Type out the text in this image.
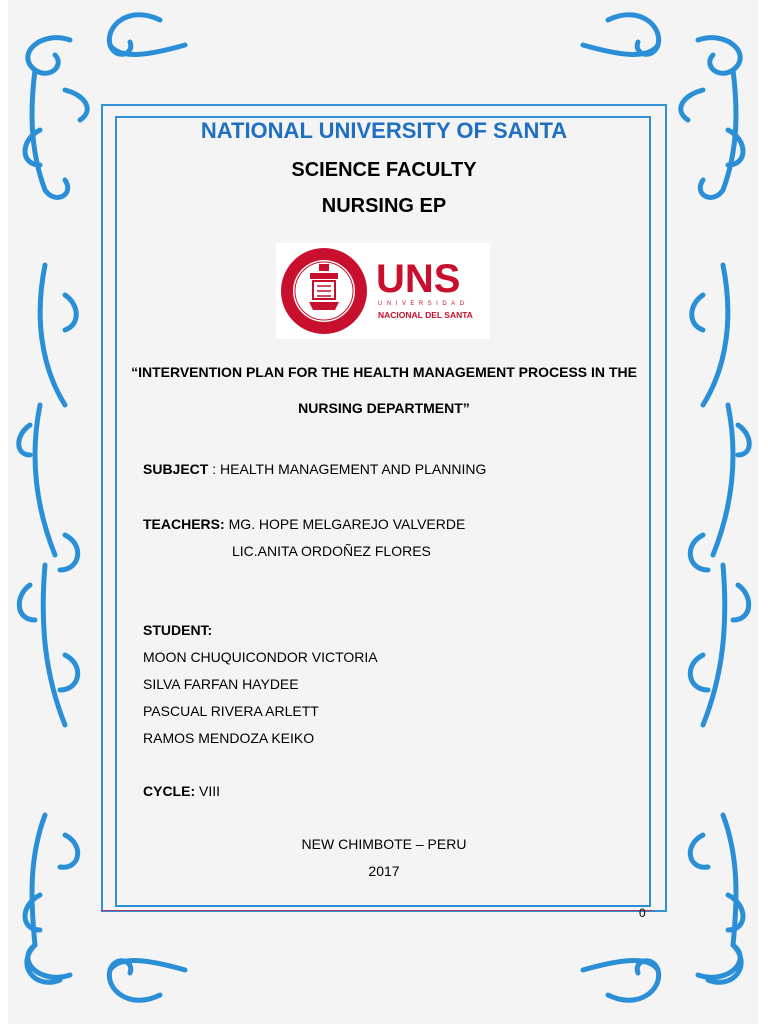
0
NATIONAL UNIVERSITY OF SANTA
SCIENCE FACULTY
NURSING EP
UNS
UNIVERSIDAD
NACIONAL DEL SANTA
“INTERVENTION PLAN FOR THE HEALTH MANAGEMENT PROCESS IN THE
NURSING DEPARTMENT”
SUBJECT : HEALTH MANAGEMENT AND PLANNING
TEACHERS: MG. HOPE MELGAREJO VALVERDE
LIC.ANITA ORDOÑEZ FLORES
STUDENT:
MOON CHUQUICONDOR VICTORIA
SILVA FARFAN HAYDEE
PASCUAL RIVERA ARLETT
RAMOS MENDOZA KEIKO
CYCLE: VIII
NEW CHIMBOTE – PERU
2017
